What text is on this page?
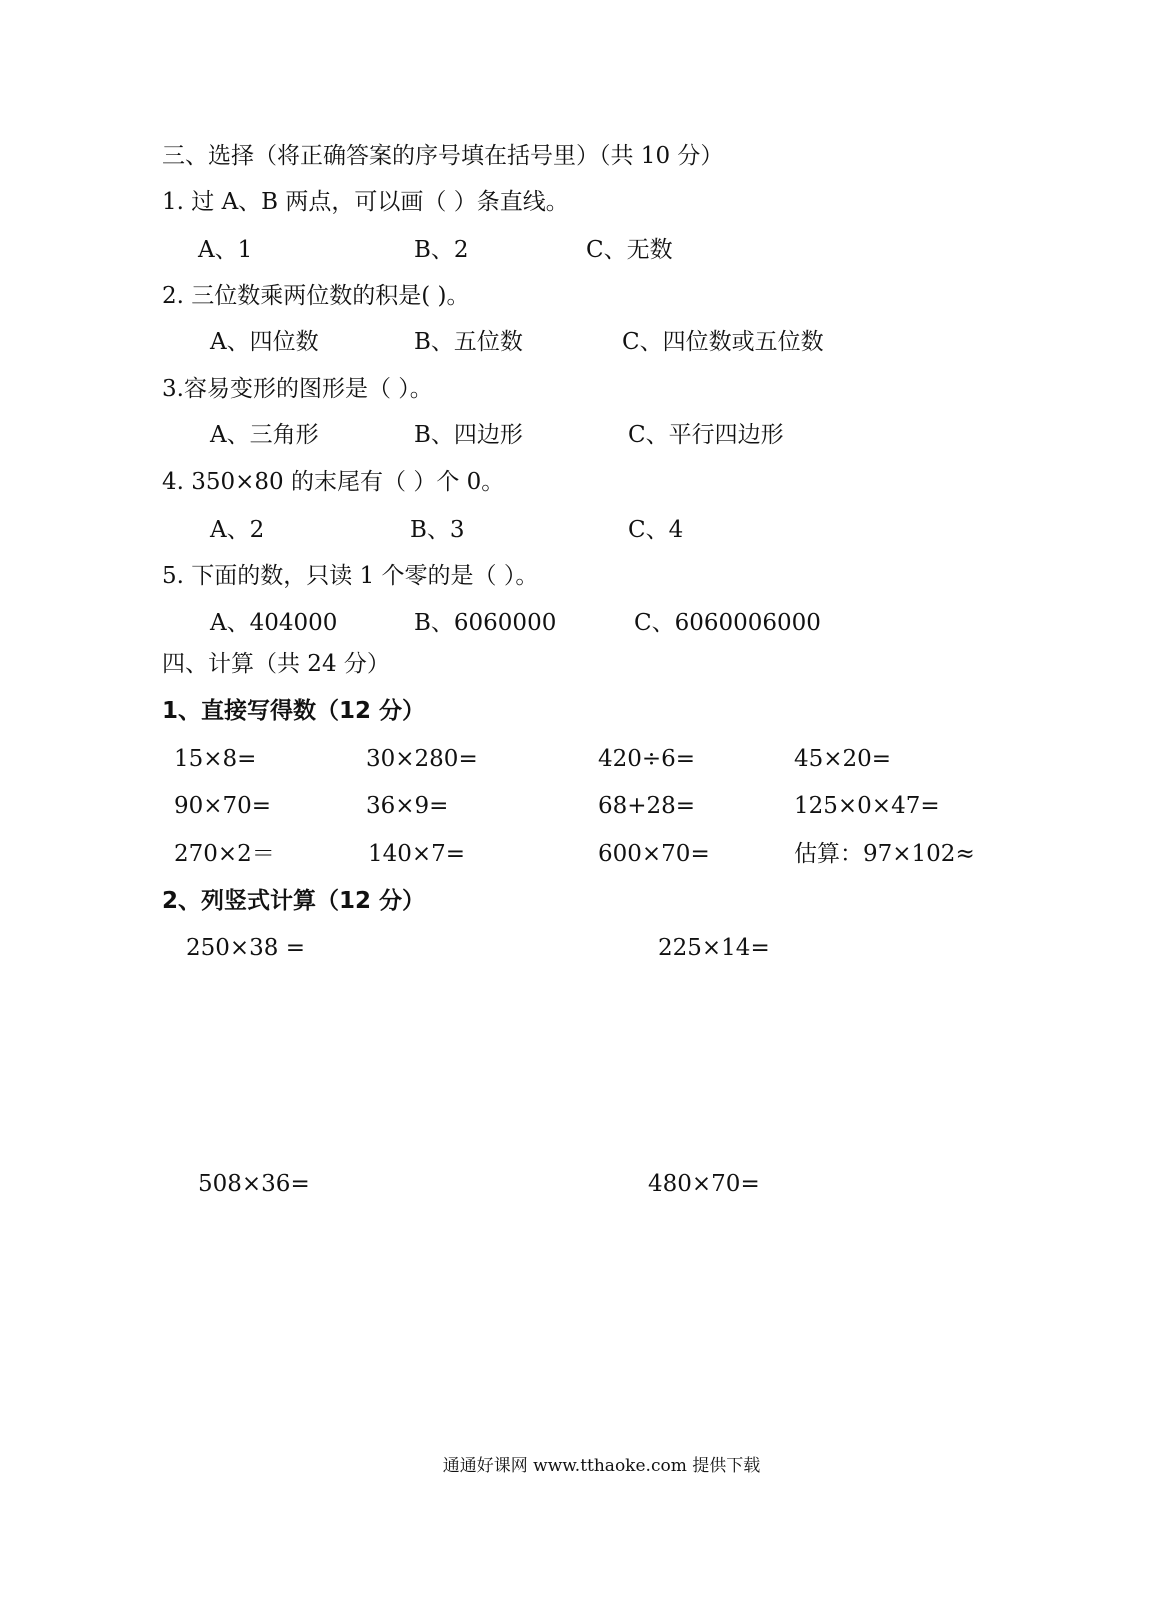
三、选择（将正确答案的序号填在括号里）（共 10 分）
1. 过 A、B 两点，可以画（ ）条直线。
A、1	B、2	C、无数
2. 三位数乘两位数的积是( )。
A、四位数	B、五位数	C、四位数或五位数
3.容易变形的图形是（ ）。
A、三角形	B、四边形	C、平行四边形
4. 350×80 的末尾有（ ）个 0。
A、2	B、3	C、4
5. 下面的数，只读 1 个零的是（ ）。
A、404000	B、6060000	C、6060006000
四、计算（共 24 分）
1、直接写得数（12 分）
15×8=	30×280=	420÷6=	45×20=
90×70=	36×9=	68+28=	125×0×47=
270×2＝	140×7=	600×70=	估算：97×102≈
2、列竖式计算（12 分）
250×38 =	225×14=
508×36=	480×70=
通通好课网 www.tthaoke.com 提供下载
